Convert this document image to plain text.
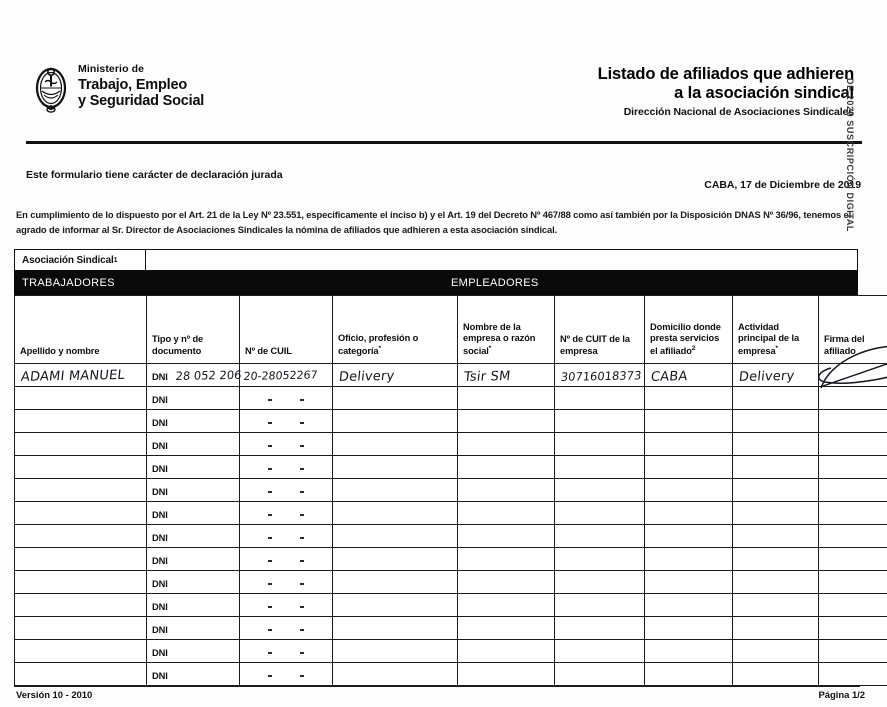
Ministerio de
Trabajo, Empleo
y Seguridad Social
Listado de afiliados que adhieren
a la asociación sindical
Dirección Nacional de Asociaciones Sindicales
Este formulario tiene carácter de declaración jurada
CABA, 17 de Diciembre de 2019
En cumplimiento de lo dispuesto por el Art. 21 de la Ley Nº 23.551, especificamente el inciso b) y el Art. 19 del Decreto Nº 467/88 como así también por la Disposición DNAS Nº 36/96, tenemos el agrado de informar al Sr. Director de Asociaciones Sindicales la nómina de afiliados que adhieren a esta asociación sindical.
Asociación Sindical 1
TRABAJADORES	EMPLEADORES
Apellido y nombre	Tipo y nº de documento	Nº de CUIL	Oficio, profesión o categoría*	Nombre de la empresa o razón social*	Nº de CUIT de la empresa	Domicilio donde presta servicios el afiliado$^2$	Actividad principal de la empresa*	Firma del afiliado
ADAMI MANUEL	DNI 28 052 206	20-28052267	Delivery	Tsir SM	30716018373	CABA	Delivery	

	DNI							

	DNI							

	DNI							

	DNI							

	DNI							

	DNI							

	DNI							

	DNI							

	DNI							

	DNI							

	DNI							

	DNI							

	DNI							

Versión 10 - 2010	Página 1/2
DE 2020 SUSCRIPCIÓN DIGITAL
